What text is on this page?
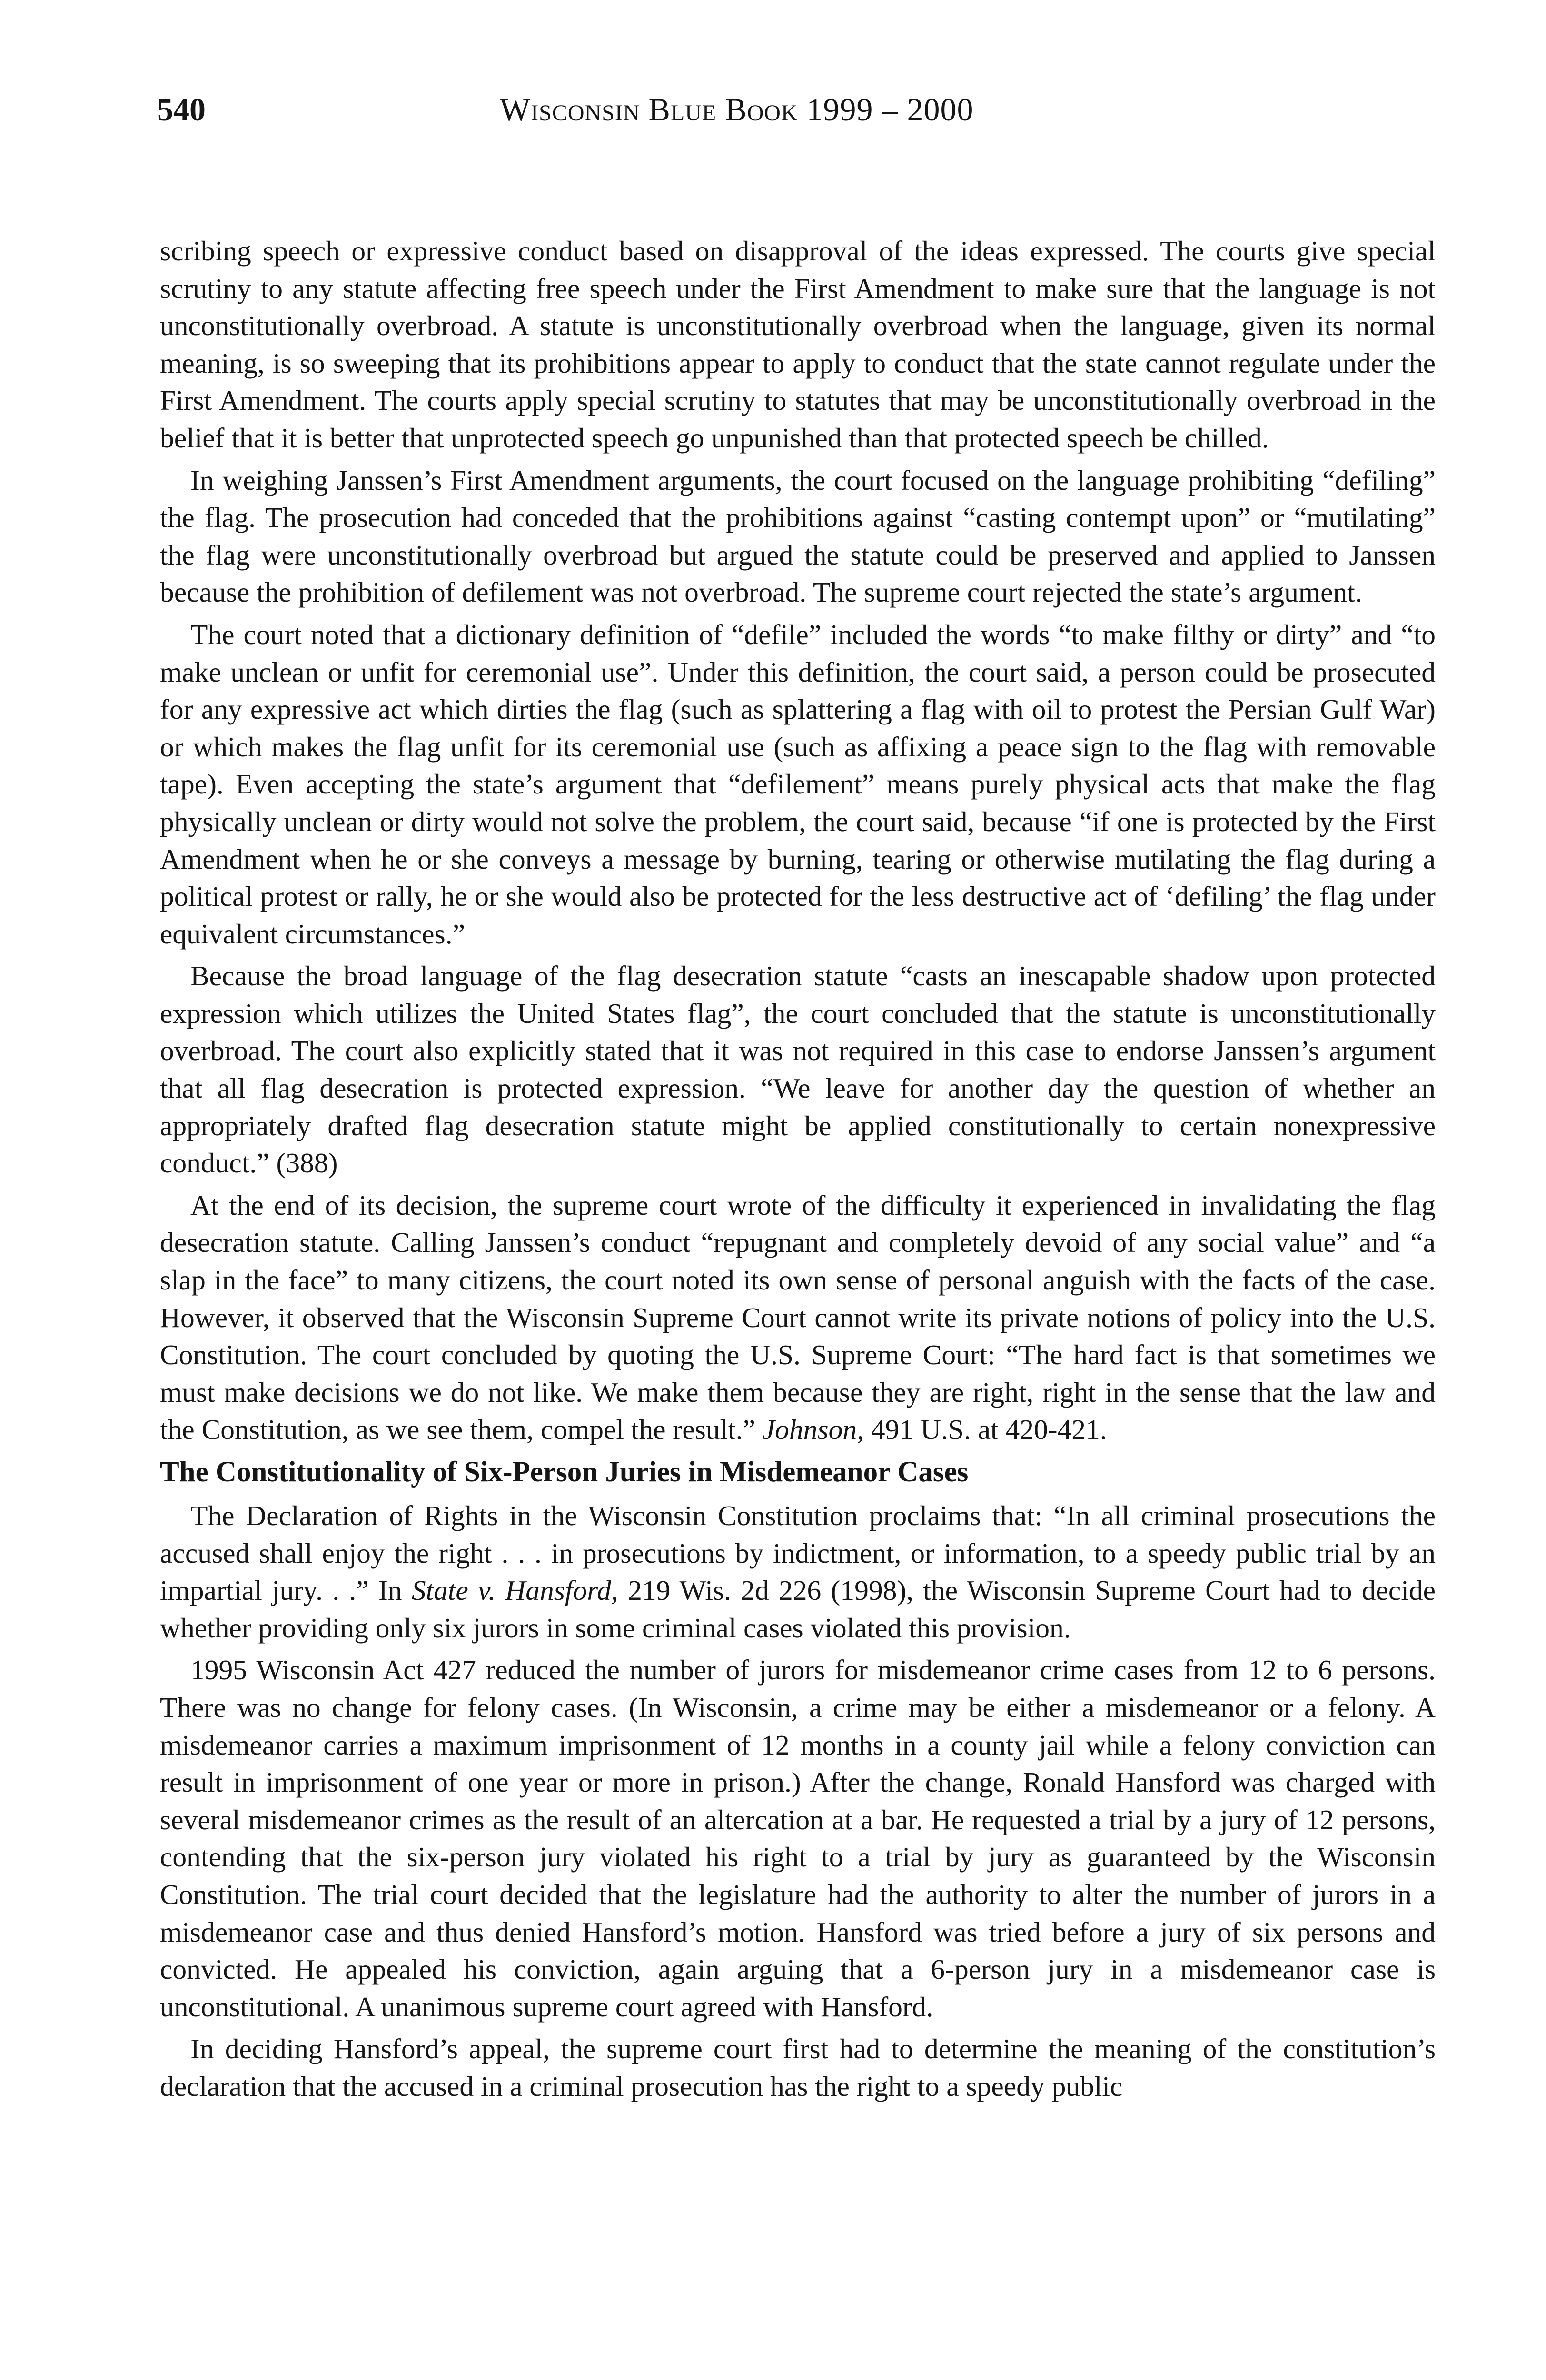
540	Wisconsin Blue Book 1999 – 2000

scribing speech or expressive conduct based on disapproval of the ideas expressed. The courts give special scrutiny to any statute affecting free speech under the First Amendment to make sure that the language is not unconstitutionally overbroad. A statute is unconstitutionally overbroad when the language, given its normal meaning, is so sweeping that its prohibitions appear to apply to conduct that the state cannot regulate under the First Amendment. The courts apply special scrutiny to statutes that may be unconstitutionally overbroad in the belief that it is better that unprotected speech go unpunished than that protected speech be chilled.

In weighing Janssen’s First Amendment arguments, the court focused on the language prohibiting “defiling” the flag. The prosecution had conceded that the prohibitions against “casting contempt upon” or “mutilating” the flag were unconstitutionally overbroad but argued the statute could be preserved and applied to Janssen because the prohibition of defilement was not overbroad. The supreme court rejected the state’s argument.

The court noted that a dictionary definition of “defile” included the words “to make filthy or dirty” and “to make unclean or unfit for ceremonial use”. Under this definition, the court said, a person could be prosecuted for any expressive act which dirties the flag (such as splattering a flag with oil to protest the Persian Gulf War) or which makes the flag unfit for its ceremonial use (such as affixing a peace sign to the flag with removable tape). Even accepting the state’s argument that “defilement” means purely physical acts that make the flag physically unclean or dirty would not solve the problem, the court said, because “if one is protected by the First Amendment when he or she conveys a message by burning, tearing or otherwise mutilating the flag during a political protest or rally, he or she would also be protected for the less destructive act of ‘defiling’ the flag under equivalent circumstances.”

Because the broad language of the flag desecration statute “casts an inescapable shadow upon protected expression which utilizes the United States flag”, the court concluded that the statute is unconstitutionally overbroad. The court also explicitly stated that it was not required in this case to endorse Janssen’s argument that all flag desecration is protected expression. “We leave for another day the question of whether an appropriately drafted flag desecration statute might be applied constitutionally to certain nonexpressive conduct.” (388)

At the end of its decision, the supreme court wrote of the difficulty it experienced in invalidating the flag desecration statute. Calling Janssen’s conduct “repugnant and completely devoid of any social value” and “a slap in the face” to many citizens, the court noted its own sense of personal anguish with the facts of the case. However, it observed that the Wisconsin Supreme Court cannot write its private notions of policy into the U.S. Constitution. The court concluded by quoting the U.S. Supreme Court: “The hard fact is that sometimes we must make decisions we do not like. We make them because they are right, right in the sense that the law and the Constitution, as we see them, compel the result.” Johnson, 491 U.S. at 420-421.

The Constitutionality of Six-Person Juries in Misdemeanor Cases

The Declaration of Rights in the Wisconsin Constitution proclaims that: “In all criminal prosecutions the accused shall enjoy the right . . . in prosecutions by indictment, or information, to a speedy public trial by an impartial jury. . .” In State v. Hansford, 219 Wis. 2d 226 (1998), the Wisconsin Supreme Court had to decide whether providing only six jurors in some criminal cases violated this provision.

1995 Wisconsin Act 427 reduced the number of jurors for misdemeanor crime cases from 12 to 6 persons. There was no change for felony cases. (In Wisconsin, a crime may be either a misdemeanor or a felony. A misdemeanor carries a maximum imprisonment of 12 months in a county jail while a felony conviction can result in imprisonment of one year or more in prison.) After the change, Ronald Hansford was charged with several misdemeanor crimes as the result of an altercation at a bar. He requested a trial by a jury of 12 persons, contending that the six-person jury violated his right to a trial by jury as guaranteed by the Wisconsin Constitution. The trial court decided that the legislature had the authority to alter the number of jurors in a misdemeanor case and thus denied Hansford’s motion. Hansford was tried before a jury of six persons and convicted. He appealed his conviction, again arguing that a 6-person jury in a misdemeanor case is unconstitutional. A unanimous supreme court agreed with Hansford.

In deciding Hansford’s appeal, the supreme court first had to determine the meaning of the constitution’s declaration that the accused in a criminal prosecution has the right to a speedy public
